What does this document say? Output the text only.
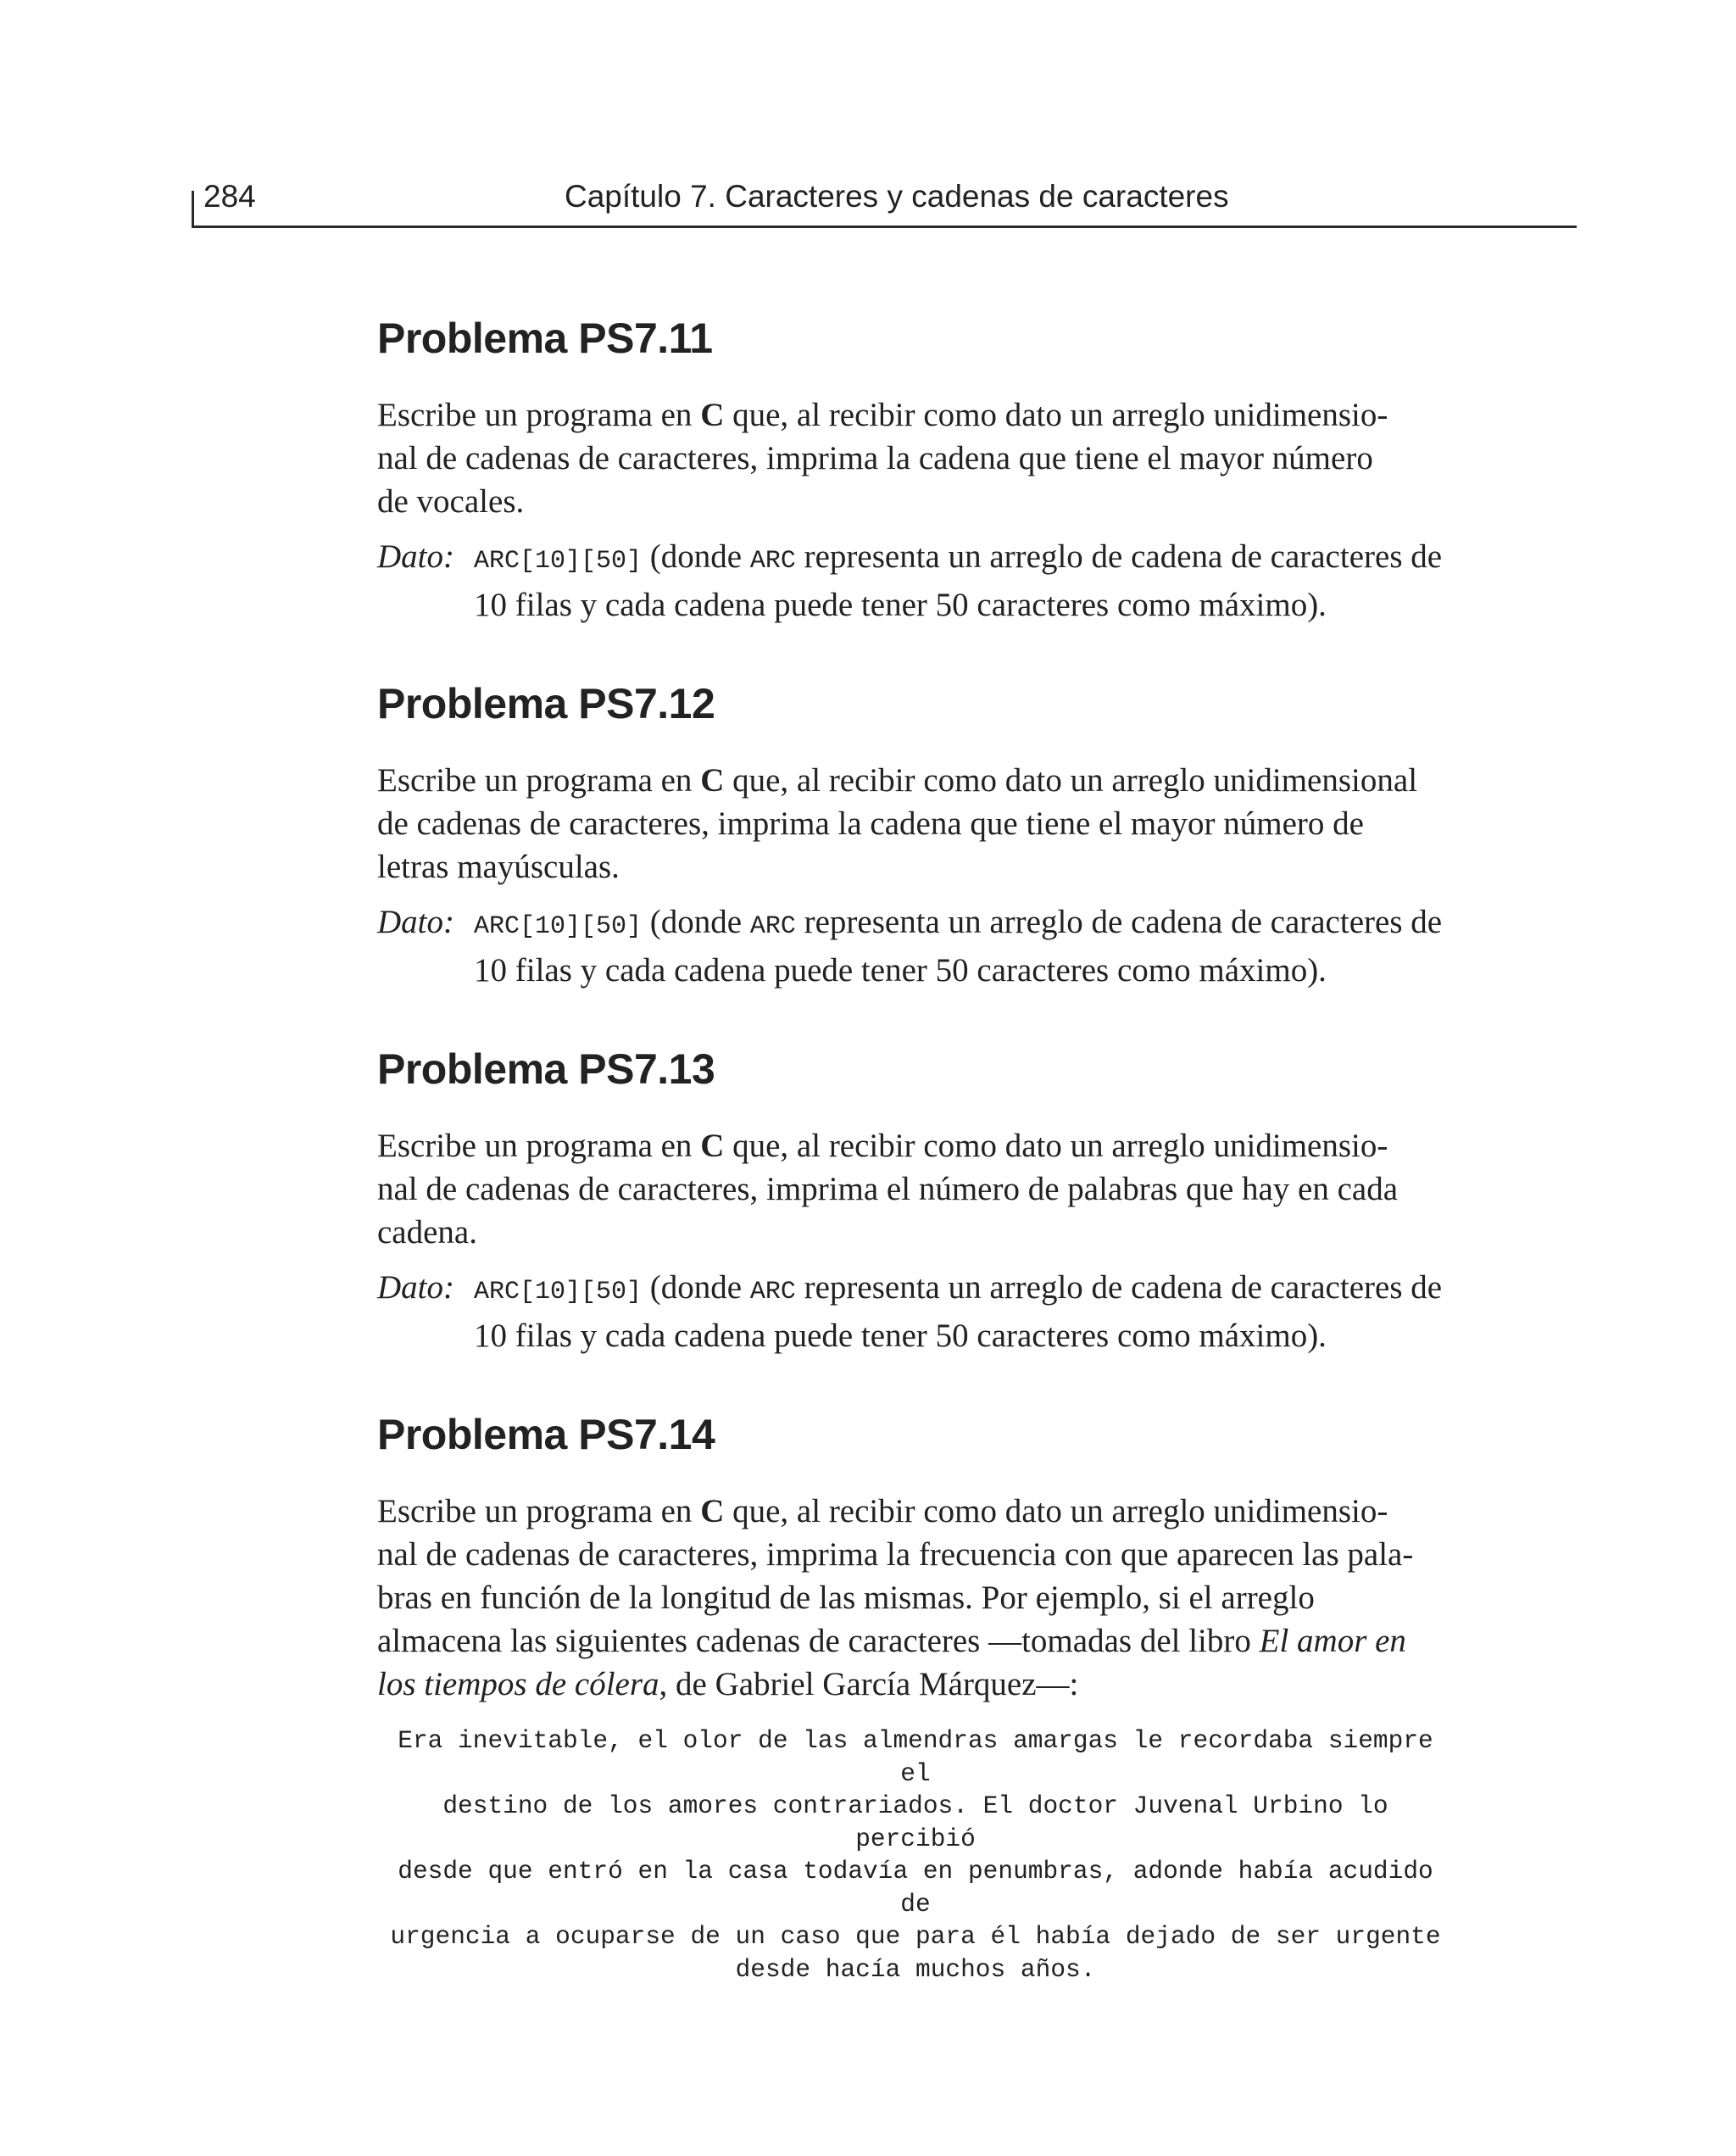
284	Capítulo 7. Caracteres y cadenas de caracteres
Problema PS7.11

Escribe un programa en C que, al recibir como dato un arreglo unidimensio-
nal de cadenas de caracteres, imprima la cadena que tiene el mayor número
de vocales.

Dato: ARC[10][50] (donde ARC representa un arreglo de cadena de caracteres de 10 filas y cada cadena puede tener 50 caracteres como máximo).
Problema PS7.12

Escribe un programa en C que, al recibir como dato un arreglo unidimensional
de cadenas de caracteres, imprima la cadena que tiene el mayor número de
letras mayúsculas.

Dato: ARC[10][50] (donde ARC representa un arreglo de cadena de caracteres de 10 filas y cada cadena puede tener 50 caracteres como máximo).
Problema PS7.13

Escribe un programa en C que, al recibir como dato un arreglo unidimensio-
nal de cadenas de caracteres, imprima el número de palabras que hay en cada
cadena.

Dato: ARC[10][50] (donde ARC representa un arreglo de cadena de caracteres de 10 filas y cada cadena puede tener 50 caracteres como máximo).
Problema PS7.14

Escribe un programa en C que, al recibir como dato un arreglo unidimensio-
nal de cadenas de caracteres, imprima la frecuencia con que aparecen las pala-
bras en función de la longitud de las mismas. Por ejemplo, si el arreglo
almacena las siguientes cadenas de caracteres —tomadas del libro El amor en
los tiempos de cólera, de Gabriel García Márquez—:

Era inevitable, el olor de las almendras amargas le recordaba siempre el
destino de los amores contrariados. El doctor Juvenal Urbino lo percibió
desde que entró en la casa todavía en penumbras, adonde había acudido de
urgencia a ocuparse de un caso que para él había dejado de ser urgente
desde hacía muchos años.
